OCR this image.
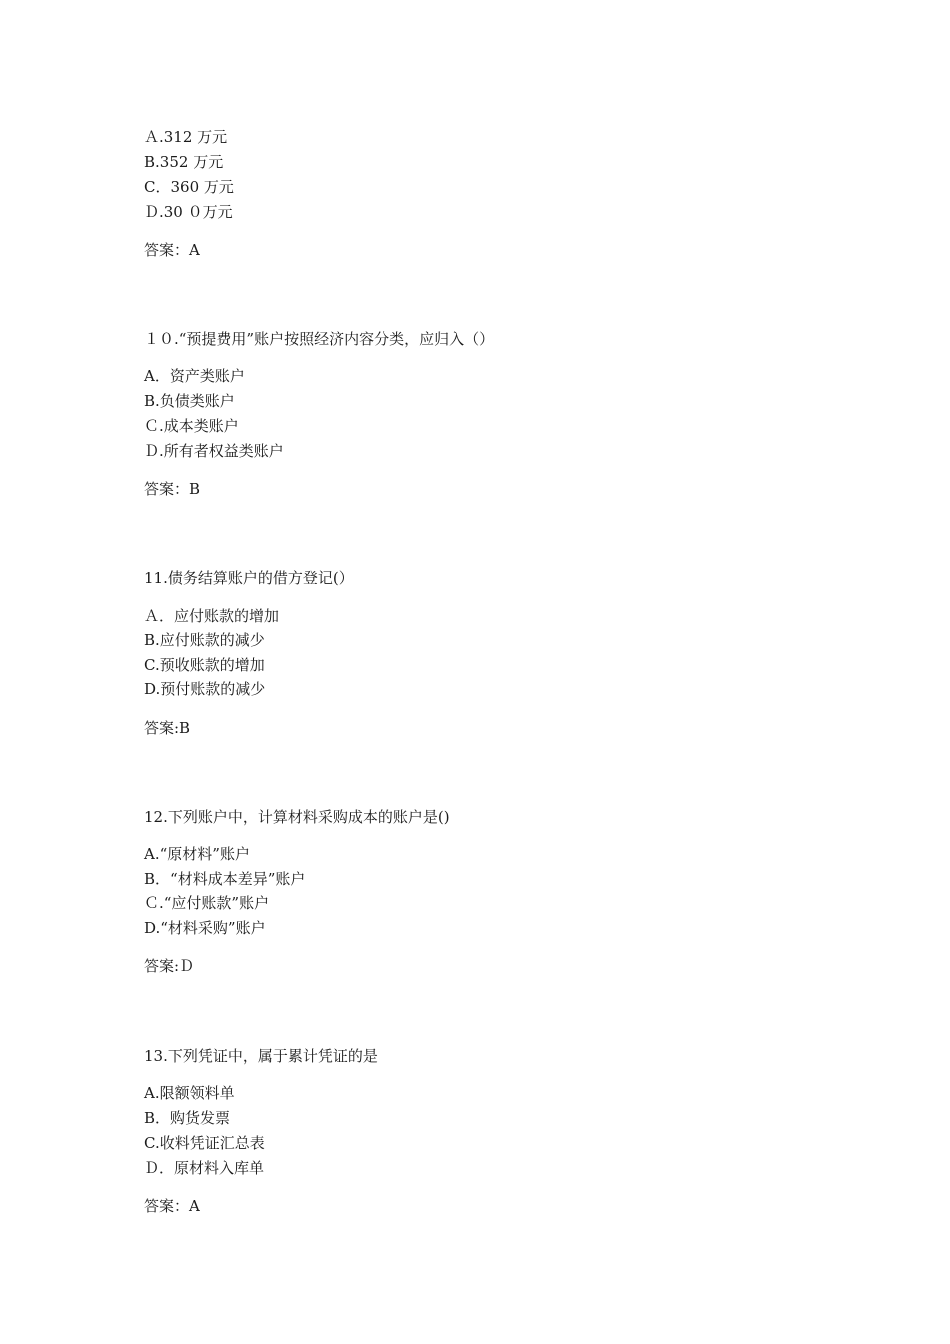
Ａ.312 万元
B.352 万元
C．360 万元
Ｄ.30 ０万元
答案：A
１０.“预提费用”账户按照经济内容分类，应归入（）
A．资产类账户
B.负债类账户
Ｃ.成本类账户
Ｄ.所有者权益类账户
答案：B
11.债务结算账户的借方登记(）
Ａ．应付账款的增加
B.应付账款的减少
C.预收账款的增加
D.预付账款的减少
答案:B
12.下列账户中，计算材料采购成本的账户是()
A.“原材料”账户
B．“材料成本差异”账户
Ｃ.“应付账款”账户
D.“材料采购”账户
答案:Ｄ
13.下列凭证中，属于累计凭证的是
A.限额领料单
B．购货发票
C.收料凭证汇总表
Ｄ．原材料入库单
答案：A
